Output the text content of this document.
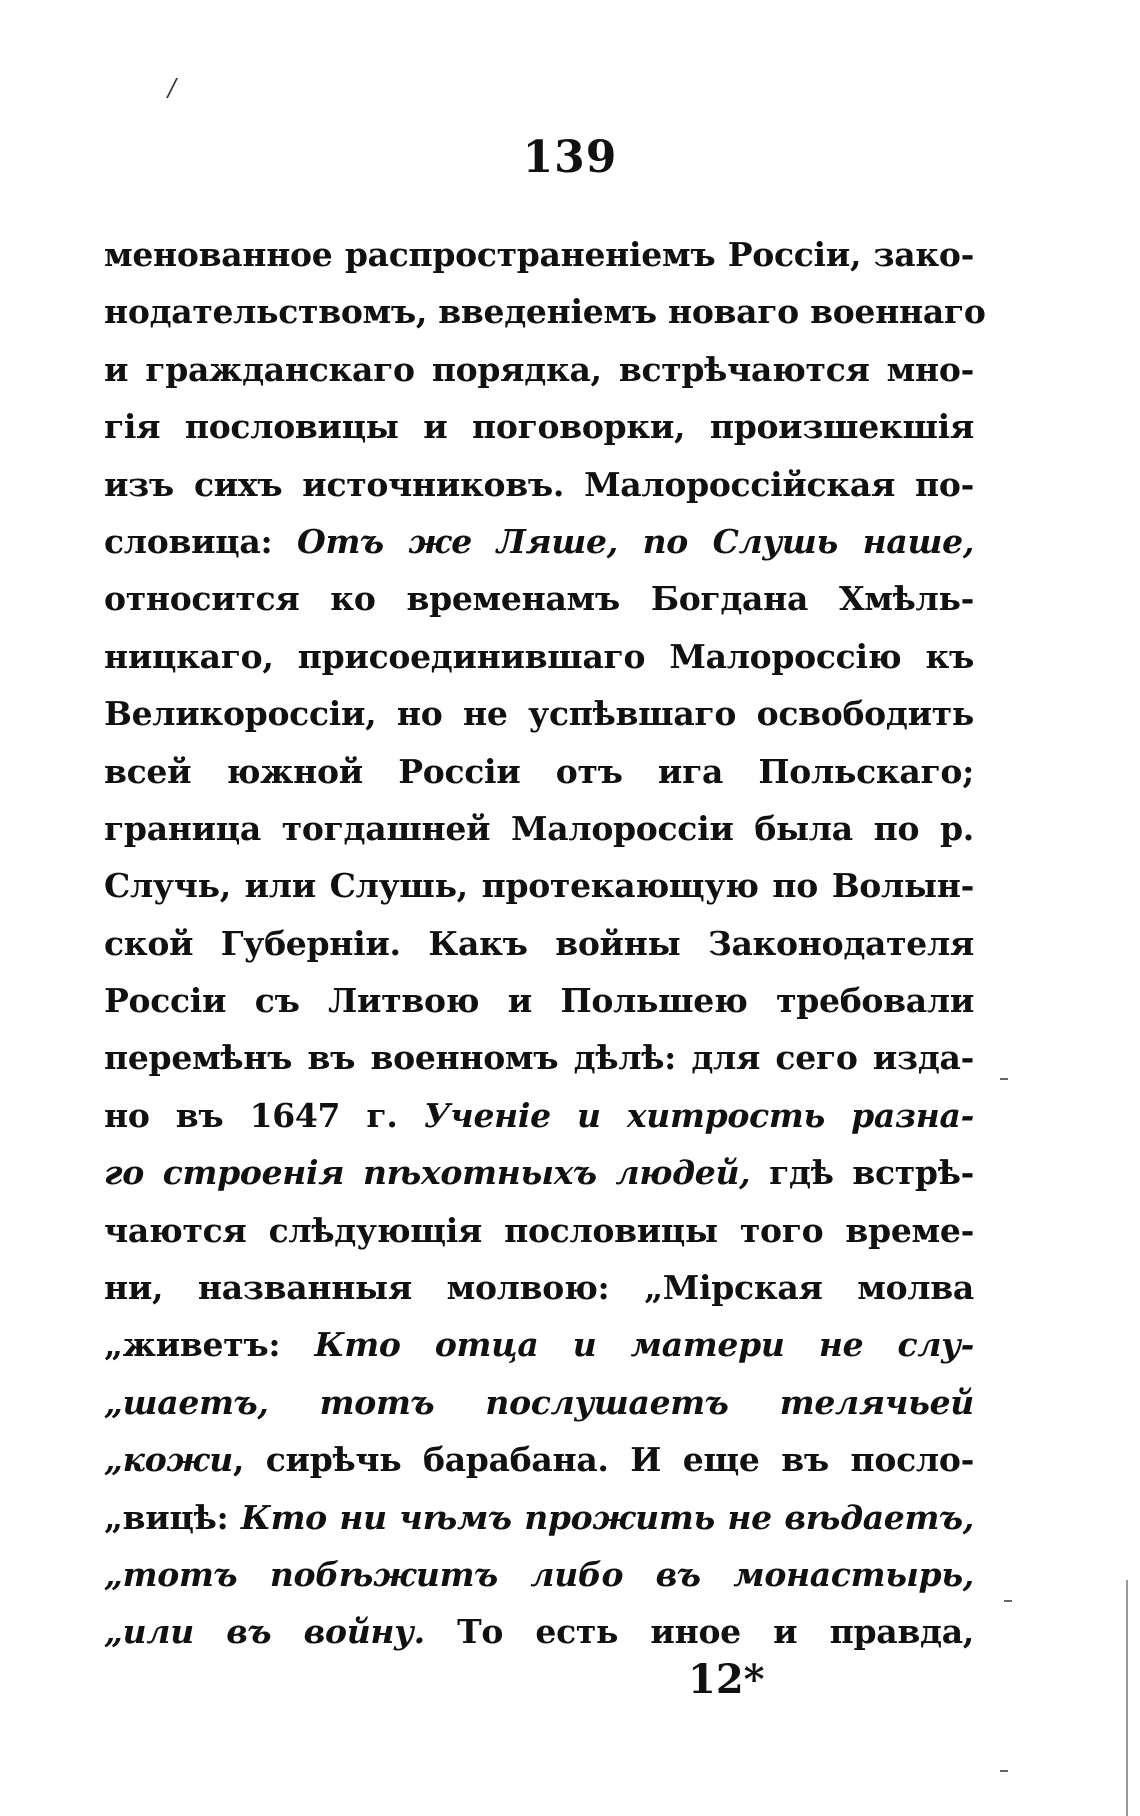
/
139
менованное распространеніемъ Россіи, зако-
нодательствомъ, введеніемъ новаго военнаго
и гражданскаго порядка, встрѣчаются мно-
гія пословицы и поговорки, произшекшія
изъ сихъ источниковъ. Малороссійская по-
словица: Отъ же Ляше, по Слушь наше,
относится ко временамъ Богдана Хмѣль-
ницкаго, присоединившаго Малороссію къ
Великороссіи, но не успѣвшаго освободить
всей южной Россіи отъ ига Польскаго;
граница тогдашней Малороссіи была по р.
Случь, или Слушь, протекающую по Волын-
ской Губерніи. Какъ войны Законодателя
Россіи съ Литвою и Польшею требовали
перемѣнъ въ военномъ дѣлѣ: для сего изда-
но въ 1647 г. Ученіе и хитрость разна-
го строенія пѣхотныхъ людей, гдѣ встрѣ-
чаются слѣдующія пословицы того време-
ни, названныя молвою: „Мірская молва
„живетъ: Кто отца и матери не слу-
„шаетъ, тотъ послушаетъ телячьей
„кожи, сирѣчь барабана. И еще въ посло-
„вицѣ: Кто ни чѣмъ прожить не вѣдаетъ,
„тотъ побѣжитъ либо въ монастырь,
„или въ войну. То есть иное и правда,
12*
